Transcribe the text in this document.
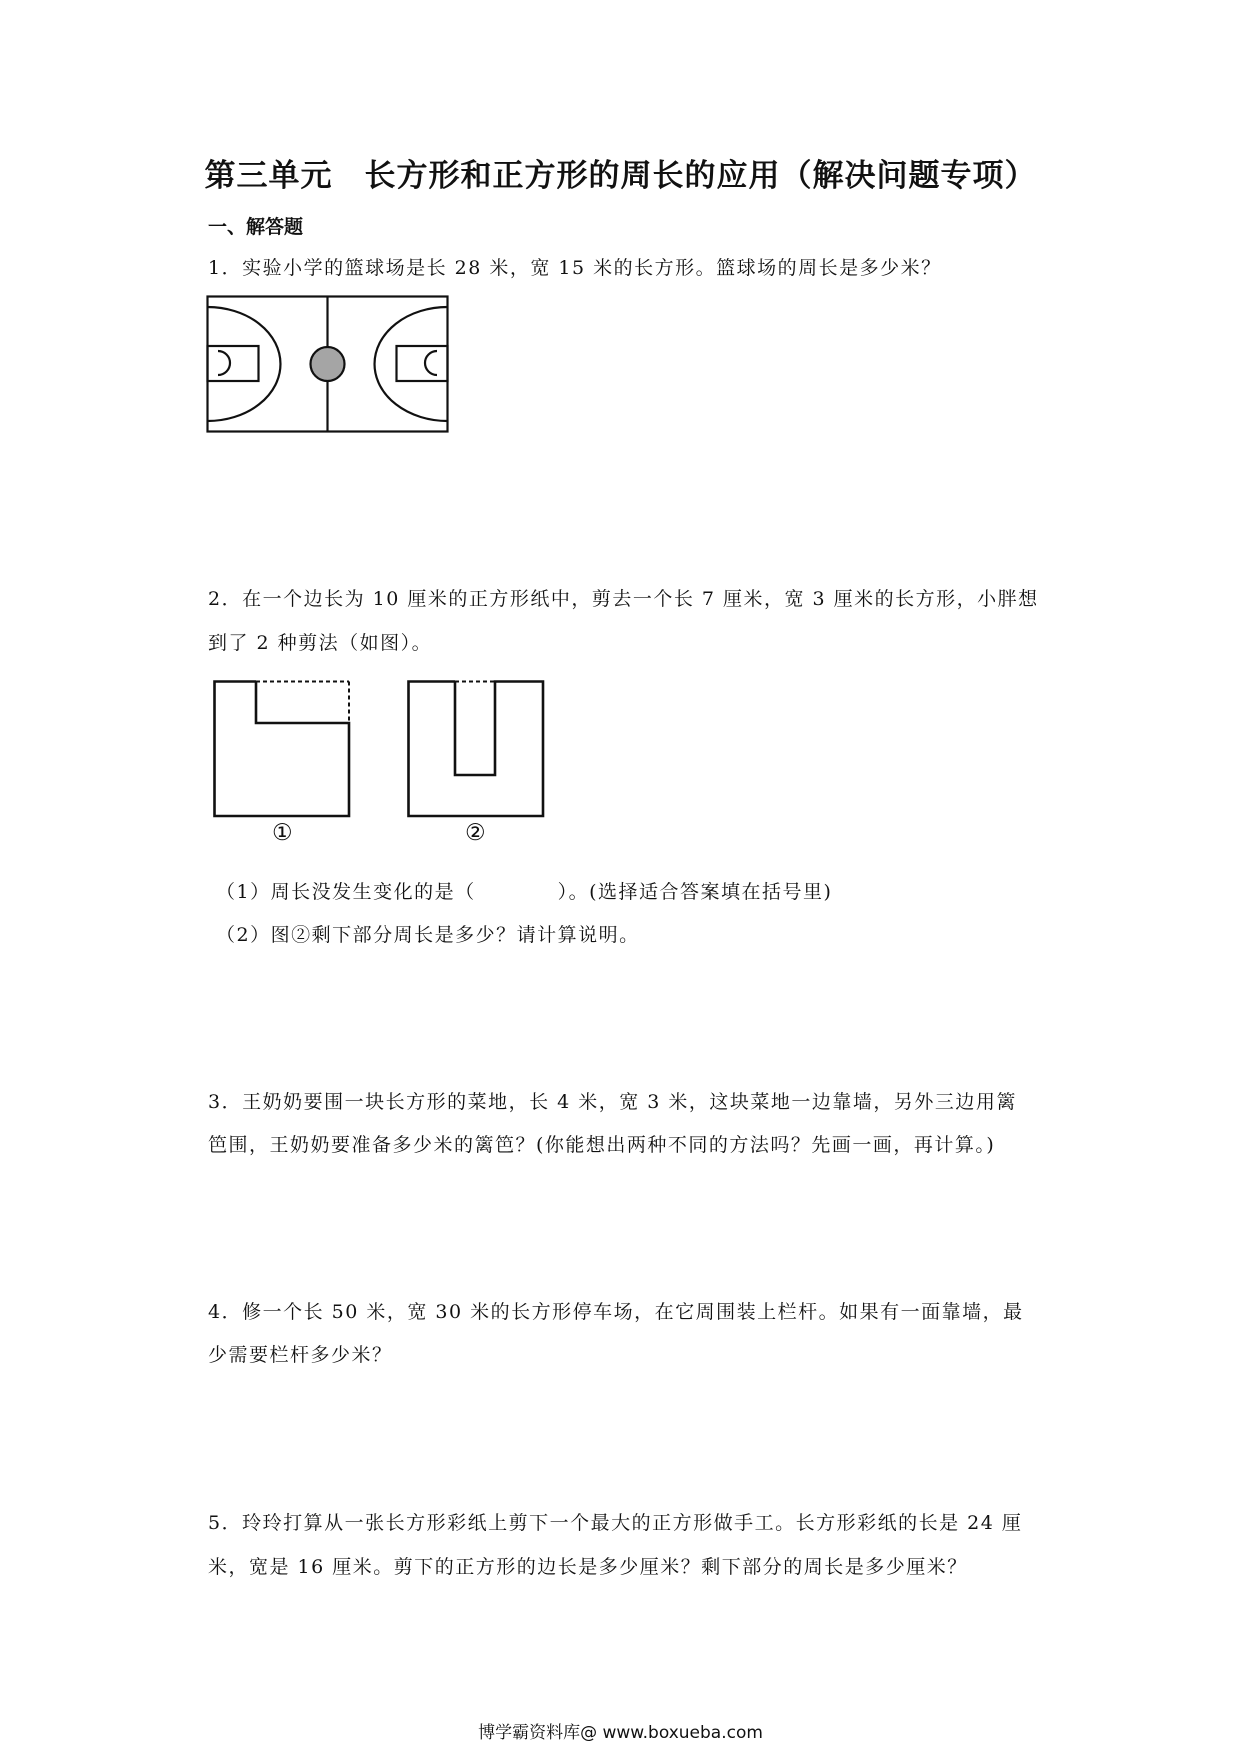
第三单元　长方形和正方形的周长的应用（解决问题专项）
一、解答题
1．实验小学的篮球场是长 28 米，宽 15 米的长方形。篮球场的周长是多少米？
2．在一个边长为 10 厘米的正方形纸中，剪去一个长 7 厘米，宽 3 厘米的长方形，小胖想
到了 2 种剪法（如图）。
①	②
（1）周长没发生变化的是（　　　　）。(选择适合答案填在括号里)
（2）图②剩下部分周长是多少？请计算说明。
3．王奶奶要围一块长方形的菜地，长 4 米，宽 3 米，这块菜地一边靠墙，另外三边用篱
笆围，王奶奶要准备多少米的篱笆？(你能想出两种不同的方法吗？先画一画，再计算。)
4．修一个长 50 米，宽 30 米的长方形停车场，在它周围装上栏杆。如果有一面靠墙，最
少需要栏杆多少米？
5．玲玲打算从一张长方形彩纸上剪下一个最大的正方形做手工。长方形彩纸的长是 24 厘
米，宽是 16 厘米。剪下的正方形的边长是多少厘米？剩下部分的周长是多少厘米？
博学霸资料库@ www.boxueba.com
